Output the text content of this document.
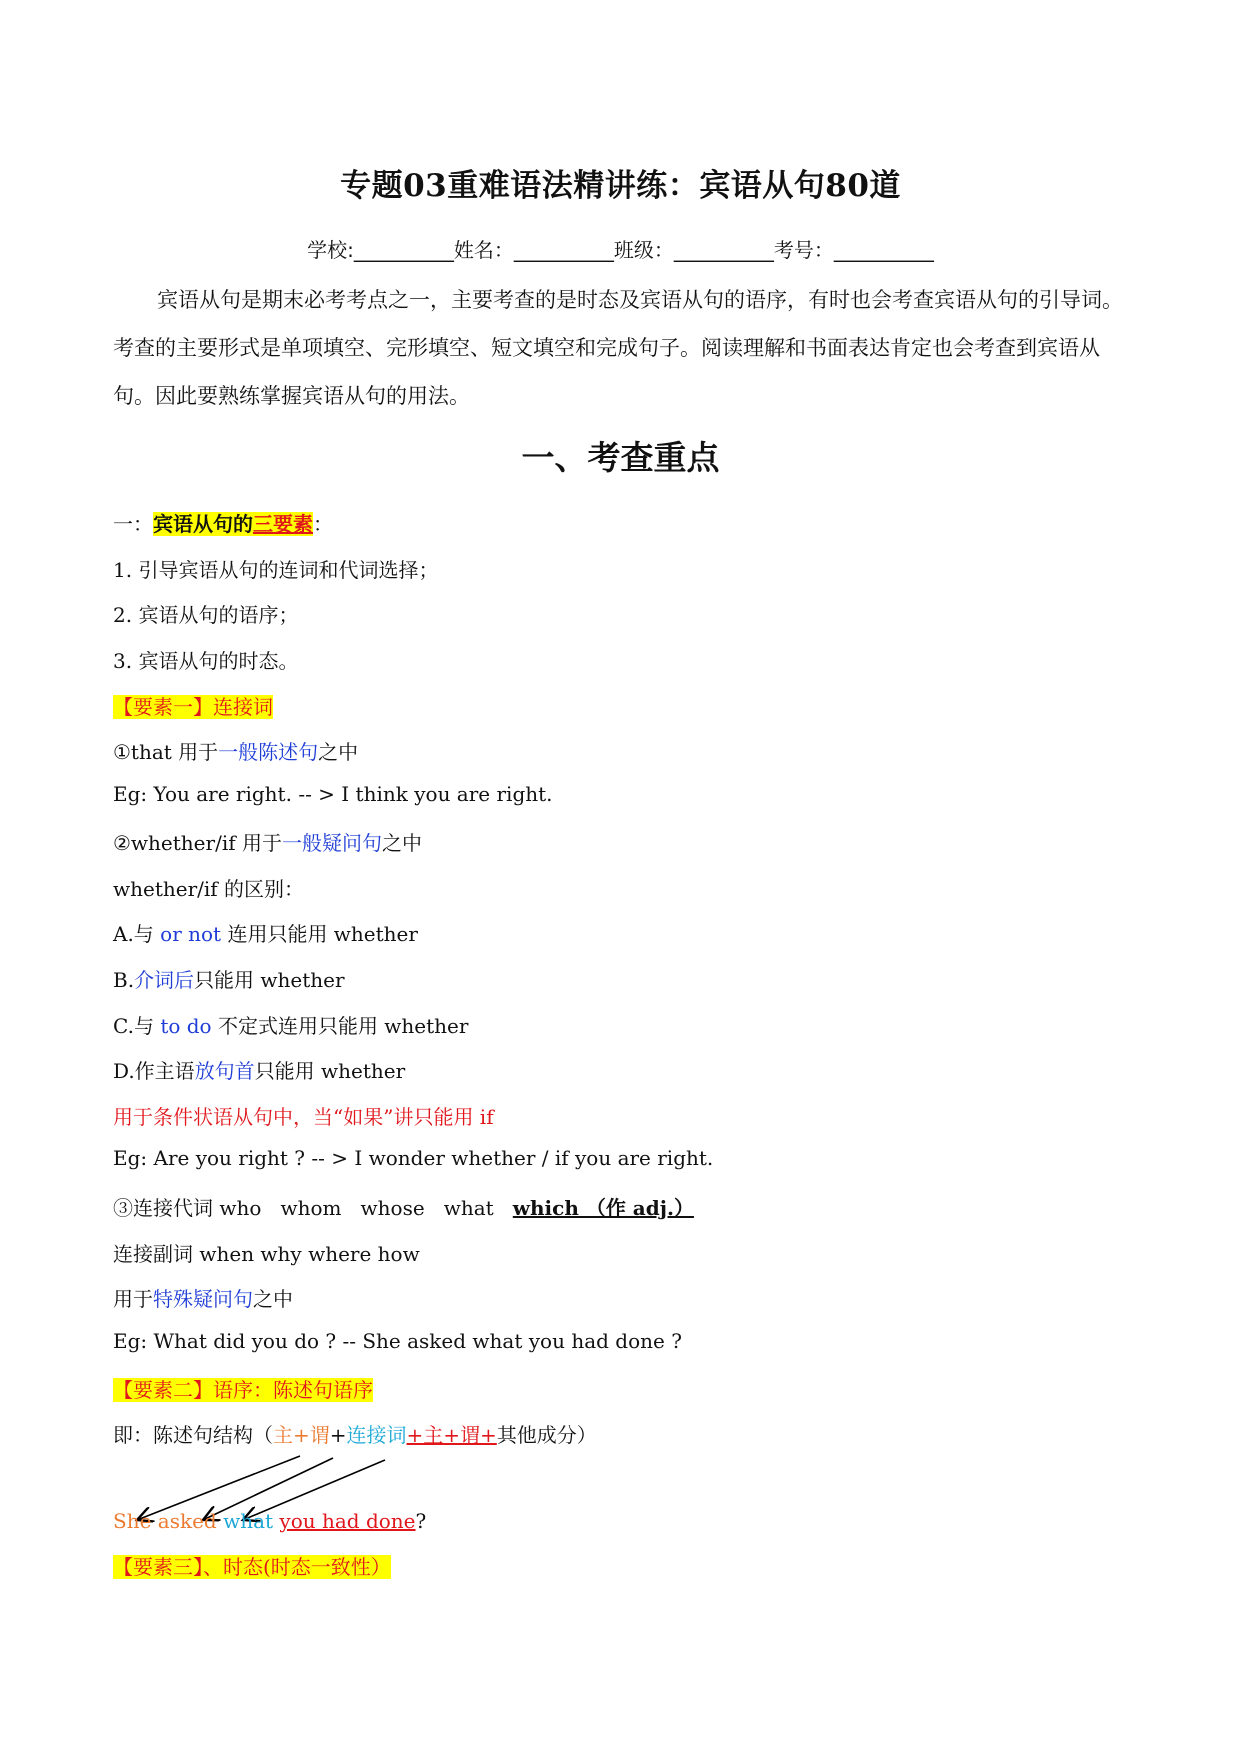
专题03重难语法精讲练：宾语从句80道
学校:__________姓名：__________班级：__________考号：__________
宾语从句是期末必考考点之一，主要考查的是时态及宾语从句的语序，有时也会考查宾语从句的引导词。考查的主要形式是单项填空、完形填空、短文填空和完成句子。阅读理解和书面表达肯定也会考查到宾语从句。因此要熟练掌握宾语从句的用法。
一、考查重点
一：宾语从句的三要素：
1. 引导宾语从句的连词和代词选择；
2. 宾语从句的语序；
3. 宾语从句的时态。
【要素一】连接词
①that 用于一般陈述句之中
Eg: You are right. -- > I think you are right.
②whether/if 用于一般疑问句之中
whether/if 的区别：
A.与 or not 连用只能用 whether
B.介词后只能用 whether
C.与 to do 不定式连用只能用 whether
D.作主语放句首只能用 whether
用于条件状语从句中，当“如果”讲只能用 if
Eg: Are you right ? -- > I wonder whether / if you are right.
③连接代词 who   whom   whose   what   which （作 adj.）
连接副词 when why where how
用于特殊疑问句之中
Eg: What did you do ? -- She asked what you had done ?
【要素二】语序：陈述句语序
即：陈述句结构（主+谓+连接词+主+谓+其他成分）
She asked what you had done?
【要素三】、时态(时态一致性）
